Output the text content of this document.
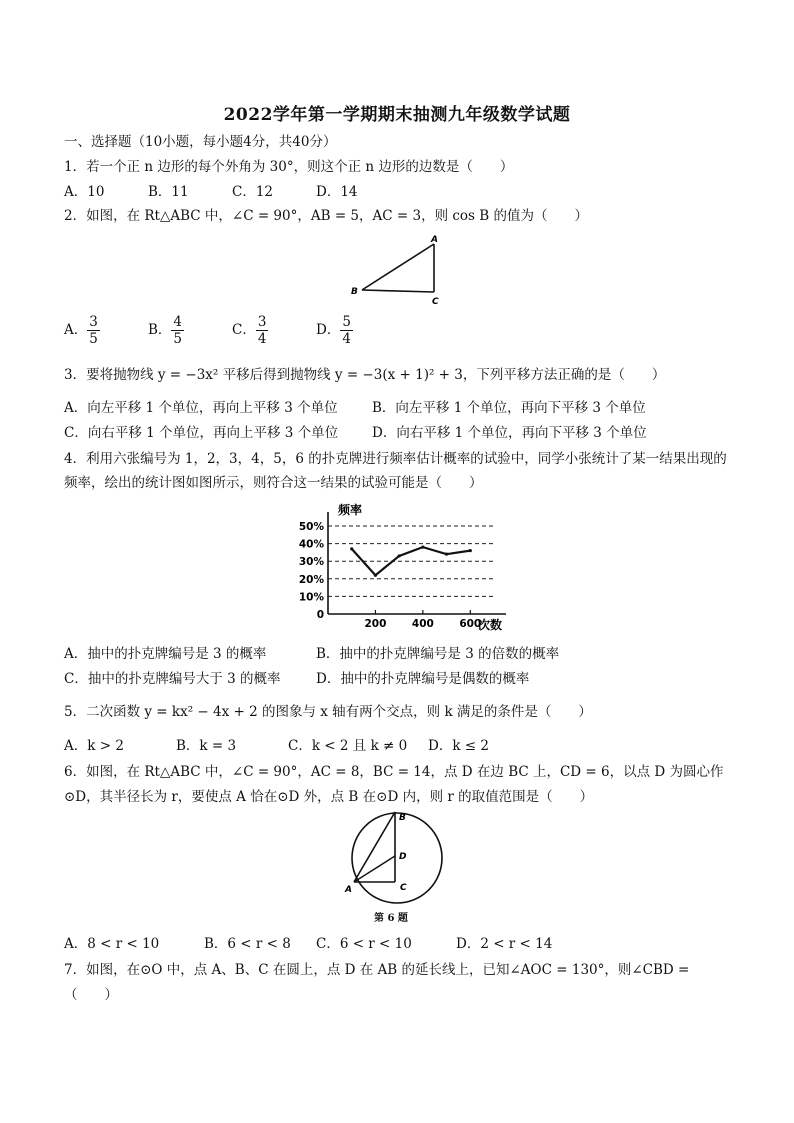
2022学年第一学期期末抽测九年级数学试题
一、选择题（10小题，每小题4分，共40分）
1．若一个正 n 边形的每个外角为 30°，则这个正 n 边形的边数是（　　）
A．10	B．11	C．12	D．14
2．如图，在 Rt△ABC 中，∠C = 90°，AB = 5，AC = 3，则 cos B 的值为（　　）
A
B
C
A． $\frac{3}{5}$	B． $\frac{4}{5}$	C． $\frac{3}{4}$	D． $\frac{5}{4}$
3．要将抛物线 y = −3x² 平移后得到抛物线 y = −3(x + 1)² + 3，下列平移方法正确的是（　　）
A．向左平移 1 个单位，再向上平移 3 个单位	B．向左平移 1 个单位，再向下平移 3 个单位
C．向右平移 1 个单位，再向上平移 3 个单位	D．向右平移 1 个单位，再向下平移 3 个单位
4．利用六张编号为 1，2，3，4，5，6 的扑克牌进行频率估计概率的试验中，同学小张统计了某一结果出现的
频率，绘出的统计图如图所示，则符合这一结果的试验可能是（　　）
0
10%
20%
30%
40%
50%
200 400 600
频率
次数
A．抽中的扑克牌编号是 3 的概率	B．抽中的扑克牌编号是 3 的倍数的概率
C．抽中的扑克牌编号大于 3 的概率	D．抽中的扑克牌编号是偶数的概率
5．二次函数 y = kx² − 4x + 2 的图象与 x 轴有两个交点，则 k 满足的条件是（　　）
A．k > 2	B．k = 3	C．k < 2 且 k ≠ 0 D．k ≤ 2
6．如图，在 Rt△ABC 中，∠C = 90°，AC = 8，BC = 14，点 D 在边 BC 上，CD = 6，以点 D 为圆心作
⊙D，其半径长为 r，要使点 A 恰在⊙D 外，点 B 在⊙D 内，则 r 的取值范围是（　　）
B
D
A	C
第 6 题
A．8 < r < 10	B．6 < r < 8 C．6 < r < 10	D．2 < r < 14
7．如图，在⊙O 中，点 A、B、C 在圆上，点 D 在 AB 的延长线上，已知∠AOC = 130°，则∠CBD =
（　　）
